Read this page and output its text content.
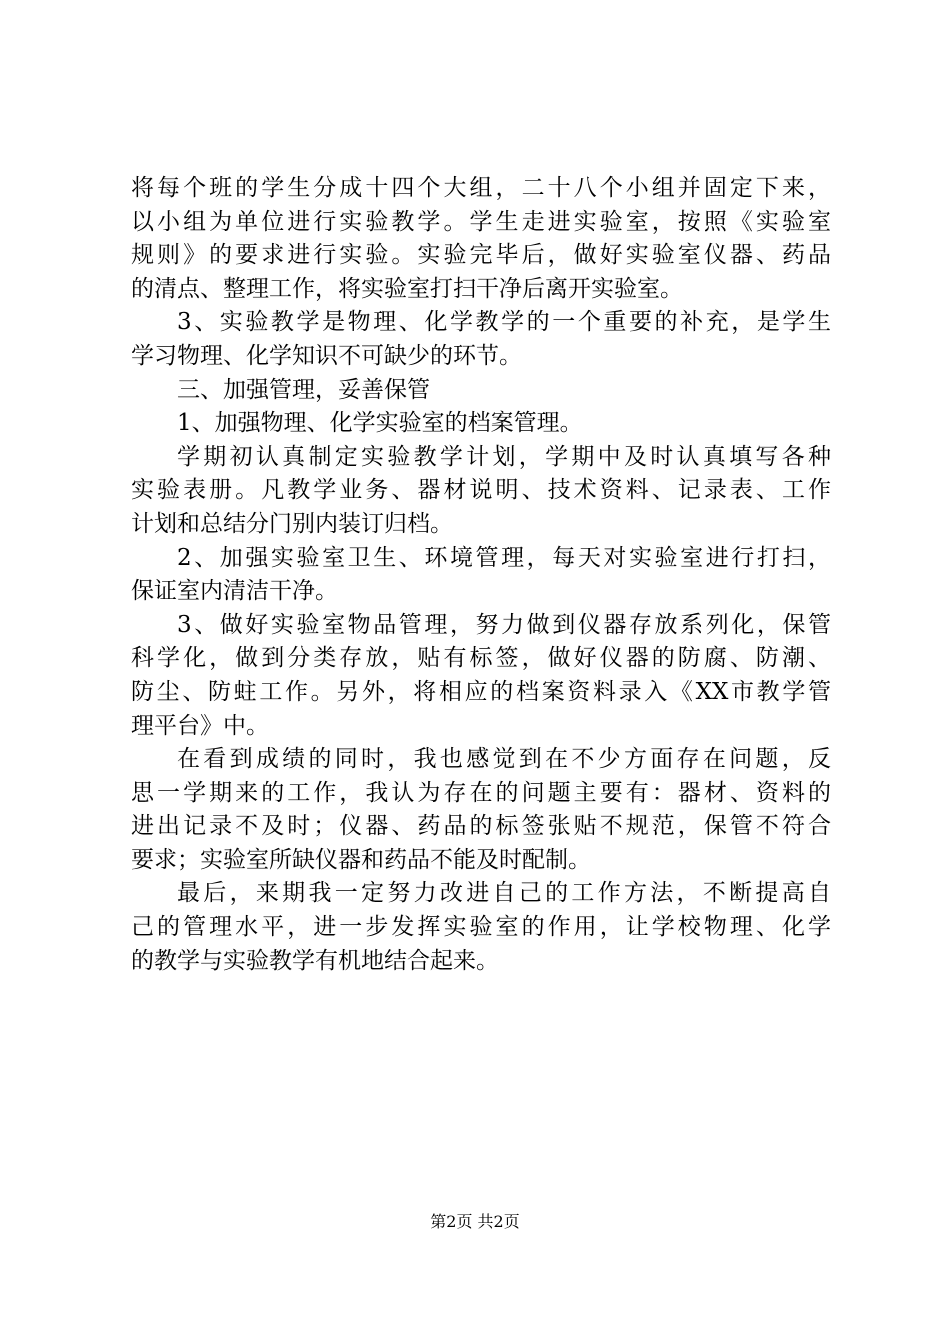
将每个班的学生分成十四个大组，二十八个小组并固定下来，
以小组为单位进行实验教学。学生走进实验室，按照《实验室
规则》的要求进行实验。实验完毕后，做好实验室仪器、药品
的清点、整理工作，将实验室打扫干净后离开实验室。
3、实验教学是物理、化学教学的一个重要的补充，是学生
学习物理、化学知识不可缺少的环节。
三、加强管理，妥善保管
1、加强物理、化学实验室的档案管理。
学期初认真制定实验教学计划，学期中及时认真填写各种
实验表册。凡教学业务、器材说明、技术资料、记录表、工作
计划和总结分门别内装订归档。
2、加强实验室卫生、环境管理，每天对实验室进行打扫，
保证室内清洁干净。
3、做好实验室物品管理，努力做到仪器存放系列化，保管
科学化，做到分类存放，贴有标签，做好仪器的防腐、防潮、
防尘、防蛀工作。另外，将相应的档案资料录入《XX市教学管
理平台》中。
在看到成绩的同时，我也感觉到在不少方面存在问题，反
思一学期来的工作，我认为存在的问题主要有：器材、资料的
进出记录不及时；仪器、药品的标签张贴不规范，保管不符合
要求；实验室所缺仪器和药品不能及时配制。
最后，来期我一定努力改进自己的工作方法，不断提高自
己的管理水平，进一步发挥实验室的作用，让学校物理、化学
的教学与实验教学有机地结合起来。
第2页 共2页
